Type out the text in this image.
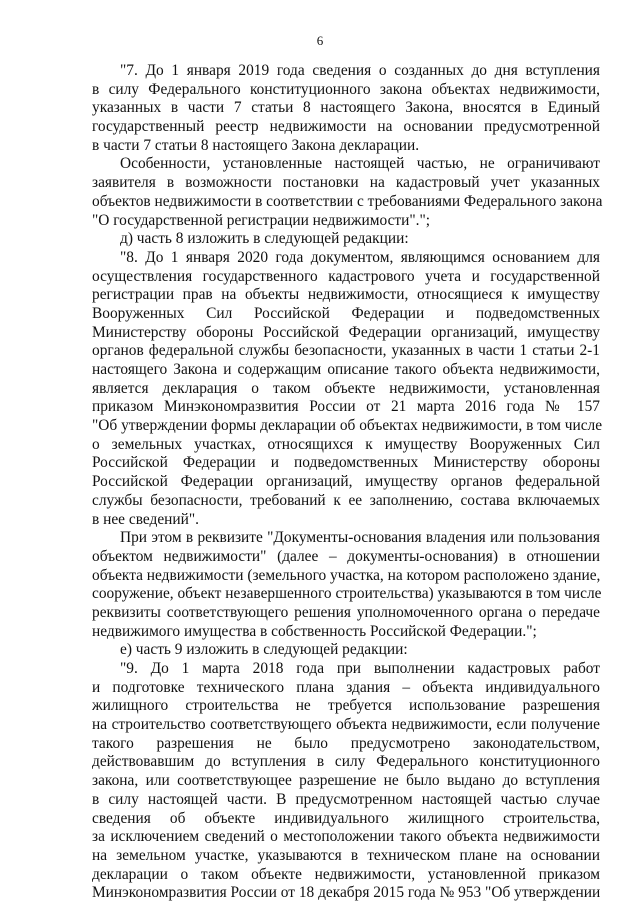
6
"7. До 1 января 2019 года сведения о созданных до дня вступления
в силу Федерального конституционного закона объектах недвижимости,
указанных в части 7 статьи 8 настоящего Закона, вносятся в Единый
государственный реестр недвижимости на основании предусмотренной
в части 7 статьи 8 настоящего Закона декларации.
Особенности, установленные настоящей частью, не ограничивают
заявителя в возможности постановки на кадастровый учет указанных
объектов недвижимости в соответствии с требованиями Федерального закона
"О государственной регистрации недвижимости".";
д) часть 8 изложить в следующей редакции:
"8. До 1 января 2020 года документом, являющимся основанием для
осуществления государственного кадастрового учета и государственной
регистрации прав на объекты недвижимости, относящиеся к имуществу
Вооруженных Сил Российской Федерации и подведомственных
Министерству обороны Российской Федерации организаций, имуществу
органов федеральной службы безопасности, указанных в части 1 статьи 2-1
настоящего Закона и содержащим описание такого объекта недвижимости,
является декларация о таком объекте недвижимости, установленная
приказом Минэкономразвития России от 21 марта 2016 года № 157
"Об утверждении формы декларации об объектах недвижимости, в том числе
о земельных участках, относящихся к имуществу Вооруженных Сил
Российской Федерации и подведомственных Министерству обороны
Российской Федерации организаций, имуществу органов федеральной
службы безопасности, требований к ее заполнению, состава включаемых
в нее сведений".
При этом в реквизите "Документы-основания владения или пользования
объектом недвижимости" (далее – документы-основания) в отношении
объекта недвижимости (земельного участка, на котором расположено здание,
сооружение, объект незавершенного строительства) указываются в том числе
реквизиты соответствующего решения уполномоченного органа о передаче
недвижимого имущества в собственность Российской Федерации.";
е) часть 9 изложить в следующей редакции:
"9. До 1 марта 2018 года при выполнении кадастровых работ
и подготовке технического плана здания – объекта индивидуального
жилищного строительства не требуется использование разрешения
на строительство соответствующего объекта недвижимости, если получение
такого разрешения не было предусмотрено законодательством,
действовавшим до вступления в силу Федерального конституционного
закона, или соответствующее разрешение не было выдано до вступления
в силу настоящей части. В предусмотренном настоящей частью случае
сведения об объекте индивидуального жилищного строительства,
за исключением сведений о местоположении такого объекта недвижимости
на земельном участке, указываются в техническом плане на основании
декларации о таком объекте недвижимости, установленной приказом
Минэкономразвития России от 18 декабря 2015 года № 953 "Об утверждении
